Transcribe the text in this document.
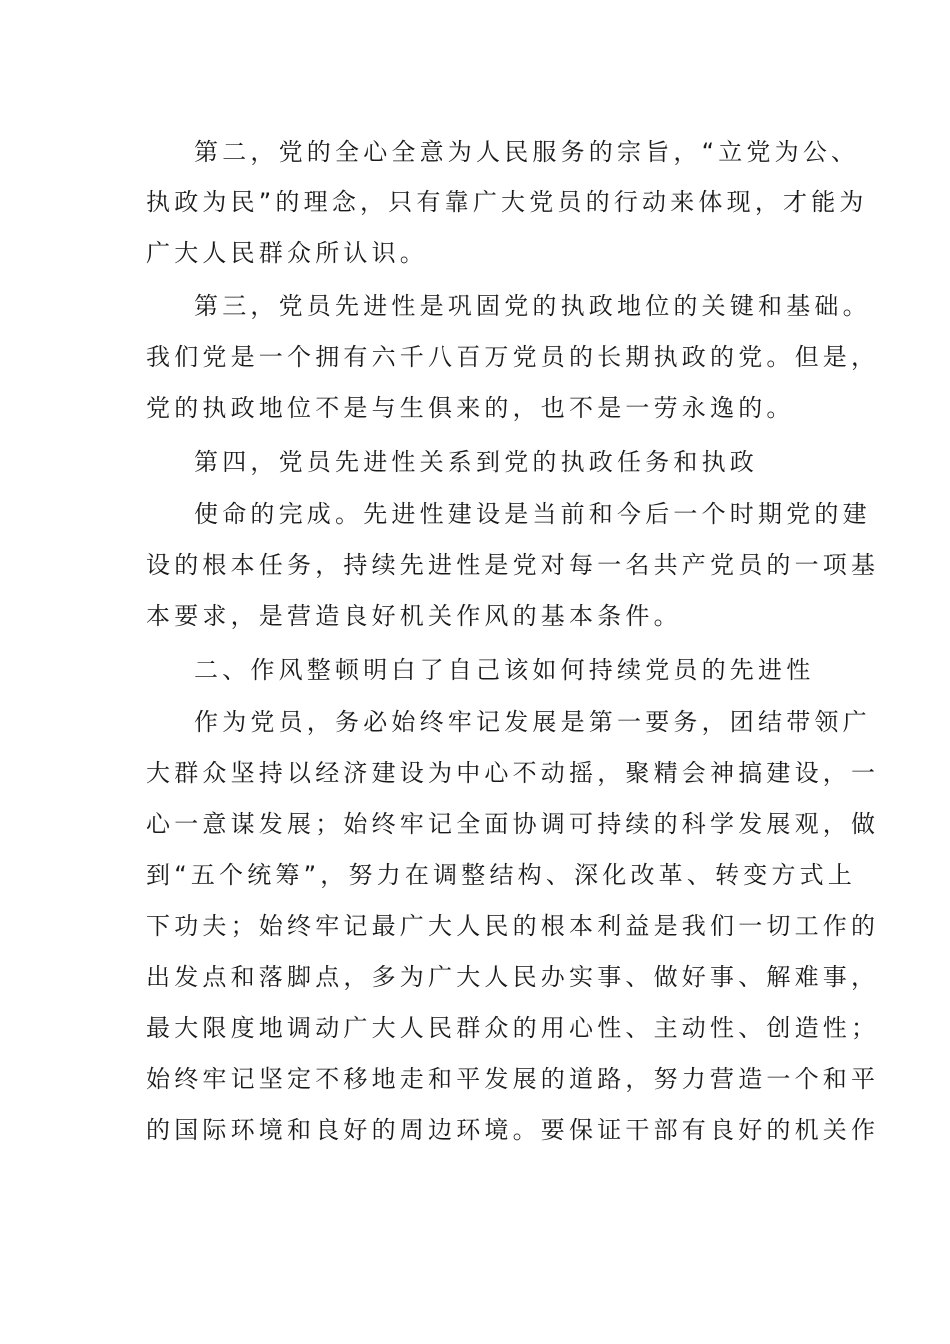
第二，党的全心全意为人民服务的宗旨，“立党为公、
执政为民”的理念，只有靠广大党员的行动来体现，才能为
广大人民群众所认识。
第三，党员先进性是巩固党的执政地位的关键和基础。
我们党是一个拥有六千八百万党员的长期执政的党。但是，
党的执政地位不是与生俱来的，也不是一劳永逸的。
第四，党员先进性关系到党的执政任务和执政
使命的完成。先进性建设是当前和今后一个时期党的建
设的根本任务，持续先进性是党对每一名共产党员的一项基
本要求，是营造良好机关作风的基本条件。
二、作风整顿明白了自己该如何持续党员的先进性
作为党员，务必始终牢记发展是第一要务，团结带领广
大群众坚持以经济建设为中心不动摇，聚精会神搞建设，一
心一意谋发展；始终牢记全面协调可持续的科学发展观，做
到“五个统筹”，努力在调整结构、深化改革、转变方式上
下功夫；始终牢记最广大人民的根本利益是我们一切工作的
出发点和落脚点，多为广大人民办实事、做好事、解难事，
最大限度地调动广大人民群众的用心性、主动性、创造性；
始终牢记坚定不移地走和平发展的道路，努力营造一个和平
的国际环境和良好的周边环境。要保证干部有良好的机关作
